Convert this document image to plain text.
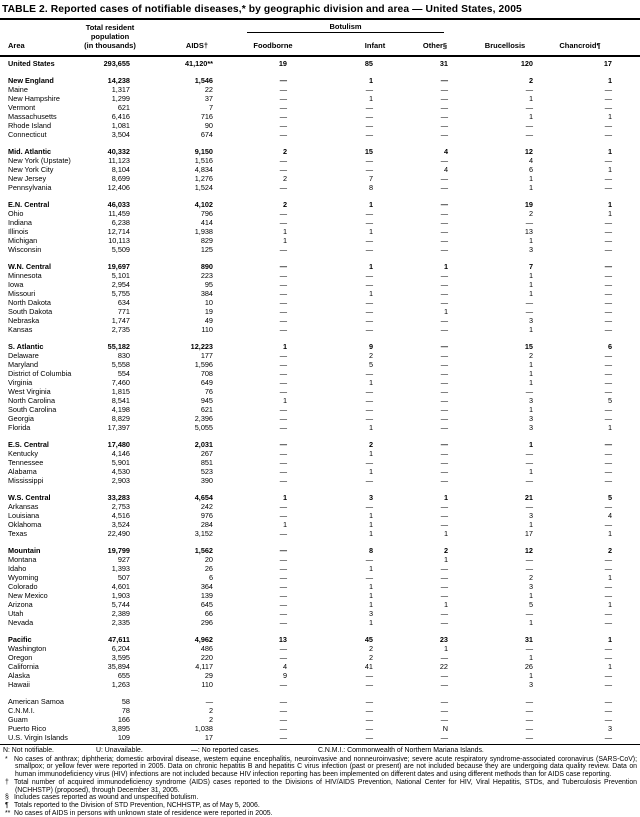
TABLE 2. Reported cases of notifiable diseases,* by geographic division and area — United States, 2005
Area
Total resident
population
(in thousands)	AIDS†
Botulism
Foodborne	Infant	Other§	Brucellosis	Chancroid¶
United States	293,655	41,120**	19	85	31	120	17
New England	14,238	1,546	—	1	—	2	1
Maine	1,317	22	—	—	—	—	—
New Hampshire	1,299	37	—	1	—	1	—
Vermont	621	7	—	—	—	—	—
Massachusetts	6,416	716	—	—	—	1	1
Rhode Island	1,081	90	—	—	—	—	—
Connecticut	3,504	674	—	—	—	—	—
Mid. Atlantic	40,332	9,150	2	15	4	12	1
New York (Upstate)	11,123	1,516	—	—	—	4	—
New York City	8,104	4,834	—	—	4	6	1
New Jersey	8,699	1,276	2	7	—	1	—
Pennsylvania	12,406	1,524	—	8	—	1	—
E.N. Central	46,033	4,102	2	1	—	19	1
Ohio	11,459	796	—	—	—	2	1
Indiana	6,238	414	—	—	—	—	—
Illinois	12,714	1,938	1	1	—	13	—
Michigan	10,113	829	1	—	—	1	—
Wisconsin	5,509	125	—	—	—	3	—
W.N. Central	19,697	890	—	1	1	7	—
Minnesota	5,101	223	—	—	—	1	—
Iowa	2,954	95	—	—	—	1	—
Missouri	5,755	384	—	1	—	1	—
North Dakota	634	10	—	—	—	—	—
South Dakota	771	19	—	—	1	—	—
Nebraska	1,747	49	—	—	—	3	—
Kansas	2,735	110	—	—	—	1	—
S. Atlantic	55,182	12,223	1	9	—	15	6
Delaware	830	177	—	2	—	2	—
Maryland	5,558	1,596	—	5	—	1	—
District of Columbia	554	708	—	—	—	1	—
Virginia	7,460	649	—	1	—	1	—
West Virginia	1,815	76	—	—	—	—	—
North Carolina	8,541	945	1	—	—	3	5
South Carolina	4,198	621	—	—	—	1	—
Georgia	8,829	2,396	—	—	—	3	—
Florida	17,397	5,055	—	1	—	3	1
E.S. Central	17,480	2,031	—	2	—	1	—
Kentucky	4,146	267	—	1	—	—	—
Tennessee	5,901	851	—	—	—	—	—
Alabama	4,530	523	—	1	—	1	—
Mississippi	2,903	390	—	—	—	—	—
W.S. Central	33,283	4,654	1	3	1	21	5
Arkansas	2,753	242	—	—	—	—	—
Louisiana	4,516	976	—	1	—	3	4
Oklahoma	3,524	284	1	1	—	1	—
Texas	22,490	3,152	—	1	1	17	1
Mountain	19,799	1,562	—	8	2	12	2
Montana	927	20	—	—	1	—	—
Idaho	1,393	26	—	1	—	—	—
Wyoming	507	6	—	—	—	2	1
Colorado	4,601	364	—	1	—	3	—
New Mexico	1,903	139	—	1	—	1	—
Arizona	5,744	645	—	1	1	5	1
Utah	2,389	66	—	3	—	—	—
Nevada	2,335	296	—	1	—	1	—
Pacific	47,611	4,962	13	45	23	31	1
Washington	6,204	486	—	2	1	—	—
Oregon	3,595	220	—	2	—	1	—
California	35,894	4,117	4	41	22	26	1
Alaska	655	29	9	—	—	1	—
Hawaii	1,263	110	—	—	—	3	—
American Samoa	58	—	—	—	—	—	—
C.N.M.I.	78	2	—	—	—	—	—
Guam	166	2	—	—	—	—	—
Puerto Rico	3,895	1,038	—	—	N	—	3
U.S. Virgin Islands	109	17	—	—	—	—	—
N: Not notifiable.	U: Unavailable.	—: No reported cases.	C.N.M.I.: Commonwealth of Northern Mariana Islands.
* No cases of anthrax; diphtheria; domestic arboviral disease, western equine encephalitis, neuroinvasive and nonneuroinvasive; severe acute respiratory syndrome-associated coronavirus (SARS-CoV); smallpox; or yellow fever were reported in 2005. Data on chronic hepatitis B and hepatitis C virus infection (past or present) are not included because they are undergoing data quality review. Data on human immunodeficiency virus (HIV) infections are not included because HIV infection reporting has been implemented on different dates and using different methods than for AIDS case reporting.
† Total number of acquired immunodeficiency syndrome (AIDS) cases reported to the Divisions of HIV/AIDS Prevention, National Center for HIV, Viral Hepatitis, STDs, and Tuberculosis Prevention (NCHHSTP) (proposed), through December 31, 2005.
§ Includes cases reported as wound and unspecified botulism.
¶ Totals reported to the Division of STD Prevention, NCHHSTP, as of May 5, 2006.
** No cases of AIDS in persons with unknown state of residence were reported in 2005.
